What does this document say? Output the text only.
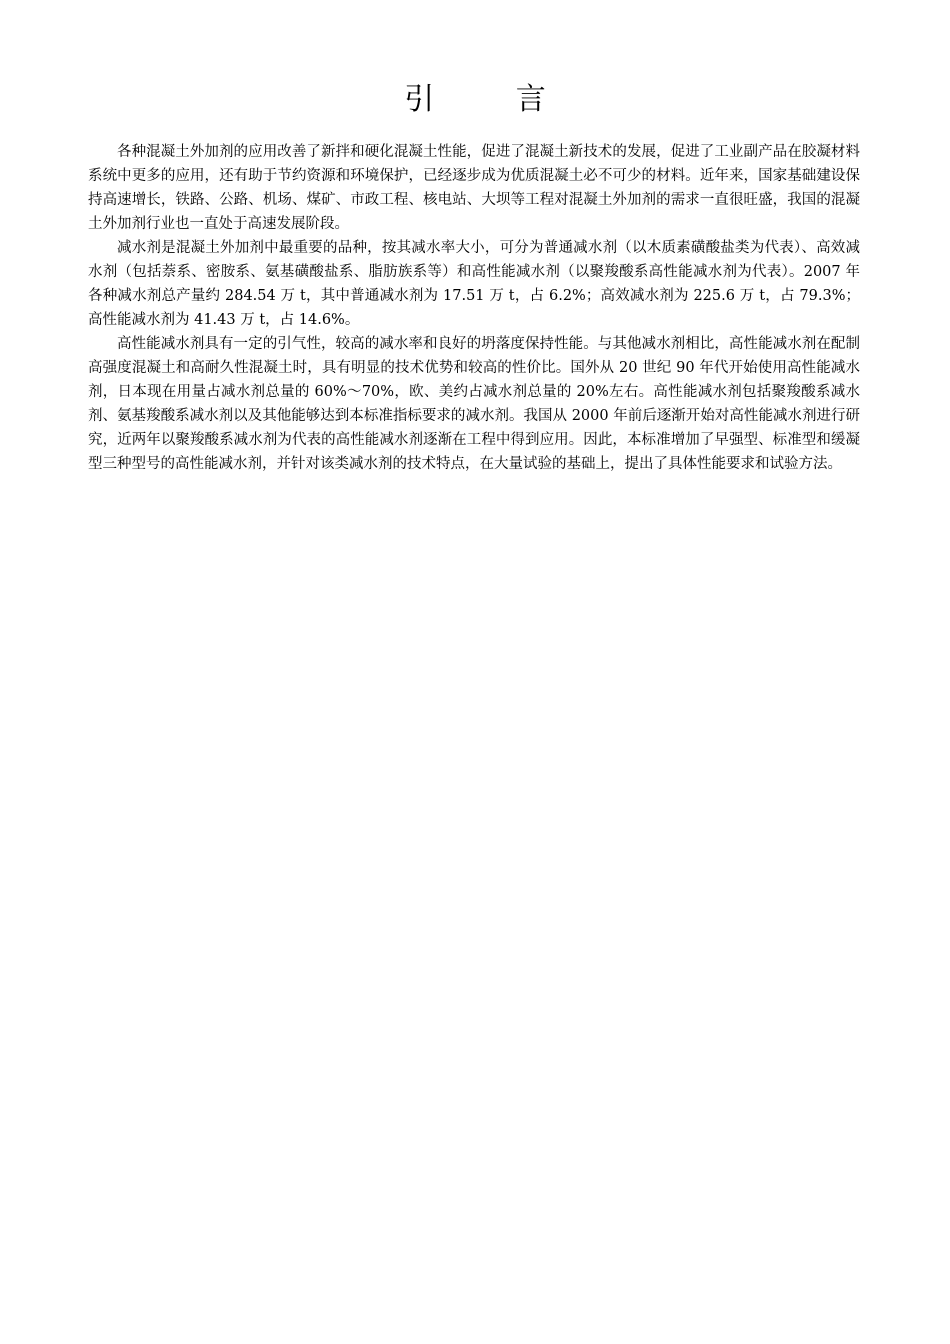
引 言

各种混凝土外加剂的应用改善了新拌和硬化混凝土性能，促进了混凝土新技术的发展，促进了工业副产品在胶凝材料系统中更多的应用，还有助于节约资源和环境保护，已经逐步成为优质混凝土必不可少的材料。近年来，国家基础建设保持高速增长，铁路、公路、机场、煤矿、市政工程、核电站、大坝等工程对混凝土外加剂的需求一直很旺盛，我国的混凝土外加剂行业也一直处于高速发展阶段。

减水剂是混凝土外加剂中最重要的品种，按其减水率大小，可分为普通减水剂（以木质素磺酸盐类为代表）、高效减水剂（包括萘系、密胺系、氨基磺酸盐系、脂肪族系等）和高性能减水剂（以聚羧酸系高性能减水剂为代表）。2007 年各种减水剂总产量约 284.54 万 t，其中普通减水剂为 17.51 万 t，占 6.2%；高效减水剂为 225.6 万 t，占 79.3%；高性能减水剂为 41.43 万 t，占 14.6%。

高性能减水剂具有一定的引气性，较高的减水率和良好的坍落度保持性能。与其他减水剂相比，高性能减水剂在配制高强度混凝土和高耐久性混凝土时，具有明显的技术优势和较高的性价比。国外从 20 世纪 90 年代开始使用高性能减水剂，日本现在用量占减水剂总量的 60%～70%，欧、美约占减水剂总量的 20%左右。高性能减水剂包括聚羧酸系减水剂、氨基羧酸系减水剂以及其他能够达到本标准指标要求的减水剂。我国从 2000 年前后逐渐开始对高性能减水剂进行研究，近两年以聚羧酸系减水剂为代表的高性能减水剂逐渐在工程中得到应用。因此，本标准增加了早强型、标准型和缓凝型三种型号的高性能减水剂，并针对该类减水剂的技术特点，在大量试验的基础上，提出了具体性能要求和试验方法。
